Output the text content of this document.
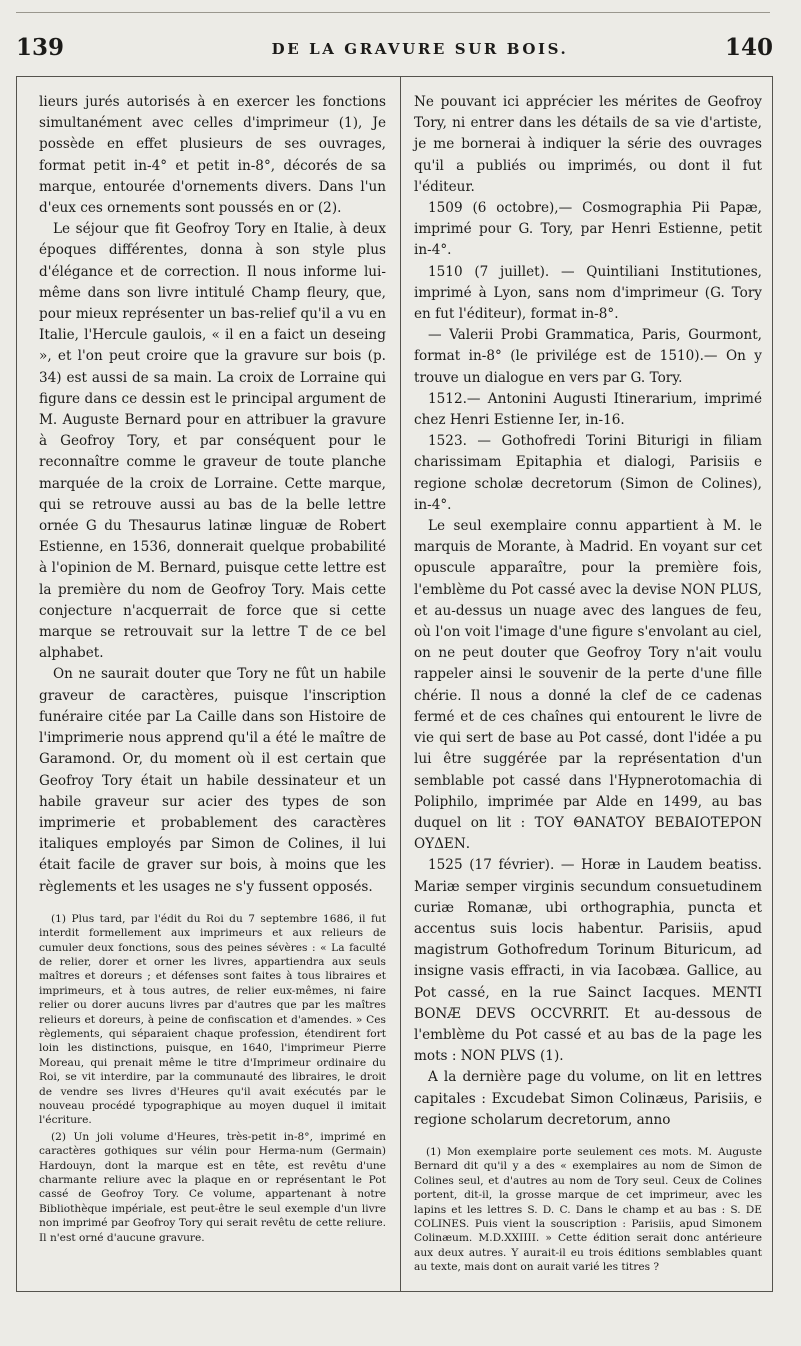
139	DE LA GRAVURE SUR BOIS.	140

lieurs jurés autorisés à en exercer les fonctions simultanément avec celles d'imprimeur (1), Je possède en effet plusieurs de ses ouvrages, format petit in-4° et petit in-8°, décorés de sa marque, entourée d'ornements divers. Dans l'un d'eux ces ornements sont poussés en or (2).

Le séjour que fit Geofroy Tory en Italie, à deux époques différentes, donna à son style plus d'élégance et de correction. Il nous informe lui-même dans son livre intitulé Champ fleury, que, pour mieux représenter un bas-relief qu'il a vu en Italie, l'Hercule gaulois, « il en a faict un deseing », et l'on peut croire que la gravure sur bois (p. 34) est aussi de sa main. La croix de Lorraine qui figure dans ce dessin est le principal argument de M. Auguste Bernard pour en attribuer la gravure à Geofroy Tory, et par conséquent pour le reconnaître comme le graveur de toute planche marquée de la croix de Lorraine. Cette marque, qui se retrouve aussi au bas de la belle lettre ornée G du Thesaurus latinæ linguæ de Robert Estienne, en 1536, donnerait quelque probabilité à l'opinion de M. Bernard, puisque cette lettre est la première du nom de Geofroy Tory. Mais cette conjecture n'acquerrait de force que si cette marque se retrouvait sur la lettre T de ce bel alphabet.

On ne saurait douter que Tory ne fût un habile graveur de caractères, puisque l'inscription funéraire citée par La Caille dans son Histoire de l'imprimerie nous apprend qu'il a été le maître de Garamond. Or, du moment où il est certain que Geofroy Tory était un habile dessinateur et un habile graveur sur acier des types de son imprimerie et probablement des caractères italiques employés par Simon de Colines, il lui était facile de graver sur bois, à moins que les règlements et les usages ne s'y fussent opposés.

(1) Plus tard, par l'édit du Roi du 7 septembre 1686, il fut interdit formellement aux imprimeurs et aux relieurs de cumuler deux fonctions, sous des peines sévères : « La faculté de relier, dorer et orner les livres, appartiendra aux seuls maîtres et doreurs ; et défenses sont faites à tous libraires et imprimeurs, et à tous autres, de relier eux-mêmes, ni faire relier ou dorer aucuns livres par d'autres que par les maîtres relieurs et doreurs, à peine de confiscation et d'amendes. » Ces règlements, qui séparaient chaque profession, étendirent fort loin les distinctions, puisque, en 1640, l'imprimeur Pierre Moreau, qui prenait même le titre d'Imprimeur ordinaire du Roi, se vit interdire, par la communauté des libraires, le droit de vendre ses livres d'Heures qu'il avait exécutés par le nouveau procédé typographique au moyen duquel il imitait l'écriture.

(2) Un joli volume d'Heures, très-petit in-8°, imprimé en caractères gothiques sur vélin pour Herma-num (Germain) Hardouyn, dont la marque est en tête, est revêtu d'une charmante reliure avec la plaque en or représentant le Pot cassé de Geofroy Tory. Ce volume, appartenant à notre Bibliothèque impériale, est peut-être le seul exemple d'un livre non imprimé par Geofroy Tory qui serait revêtu de cette reliure. Il n'est orné d'aucune gravure.

Ne pouvant ici apprécier les mérites de Geofroy Tory, ni entrer dans les détails de sa vie d'artiste, je me bornerai à indiquer la série des ouvrages qu'il a publiés ou imprimés, ou dont il fut l'éditeur.

1509 (6 octobre),— Cosmographia Pii Papæ, imprimé pour G. Tory, par Henri Estienne, petit in-4°.

1510 (7 juillet). — Quintiliani Institutiones, imprimé à Lyon, sans nom d'imprimeur (G. Tory en fut l'éditeur), format in-8°.

— Valerii Probi Grammatica, Paris, Gourmont, format in-8° (le privilége est de 1510).— On y trouve un dialogue en vers par G. Tory.

1512.— Antonini Augusti Itinerarium, imprimé chez Henri Estienne Ier, in-16.

1523. — Gothofredi Torini Biturigi in filiam charissimam Epitaphia et dialogi, Parisiis e regione scholæ decretorum (Simon de Colines), in-4°.

Le seul exemplaire connu appartient à M. le marquis de Morante, à Madrid. En voyant sur cet opuscule apparaître, pour la première fois, l'emblème du Pot cassé avec la devise NON PLUS, et au-dessus un nuage avec des langues de feu, où l'on voit l'image d'une figure s'envolant au ciel, on ne peut douter que Geofroy Tory n'ait voulu rappeler ainsi le souvenir de la perte d'une fille chérie. Il nous a donné la clef de ce cadenas fermé et de ces chaînes qui entourent le livre de vie qui sert de base au Pot cassé, dont l'idée a pu lui être suggérée par la représentation d'un semblable pot cassé dans l'Hypnerotomachia di Poliphilo, imprimée par Alde en 1499, au bas duquel on lit : ΤΟΥ ΘΑΝΑΤΟΥ ΒΕΒΑΙΟΤΕΡΟΝ ΟΥΔΕΝ.

1525 (17 février). — Horæ in Laudem beatiss. Mariæ semper virginis secundum consuetudinem curiæ Romanæ, ubi orthographia, puncta et accentus suis locis habentur. Parisiis, apud magistrum Gothofredum Torinum Bituricum, ad insigne vasis effracti, in via Iacobæa. Gallice, au Pot cassé, en la rue Sainct Iacques. MENTI BONÆ DEVS OCCVRRIT. Et au-dessous de l'emblème du Pot cassé et au bas de la page les mots : NON PLVS (1).

A la dernière page du volume, on lit en lettres capitales : Excudebat Simon Colinæus, Parisiis, e regione scholarum decretorum, anno

(1) Mon exemplaire porte seulement ces mots. M. Auguste Bernard dit qu'il y a des « exemplaires au nom de Simon de Colines seul, et d'autres au nom de Tory seul. Ceux de Colines portent, dit-il, la grosse marque de cet imprimeur, avec les lapins et les lettres S. D. C. Dans le champ et au bas : S. DE COLINES. Puis vient la souscription : Parisiis, apud Simonem Colinæum. M.D.XXIIII. » Cette édition serait donc antérieure aux deux autres. Y aurait-il eu trois éditions semblables quant au texte, mais dont on aurait varié les titres ?
